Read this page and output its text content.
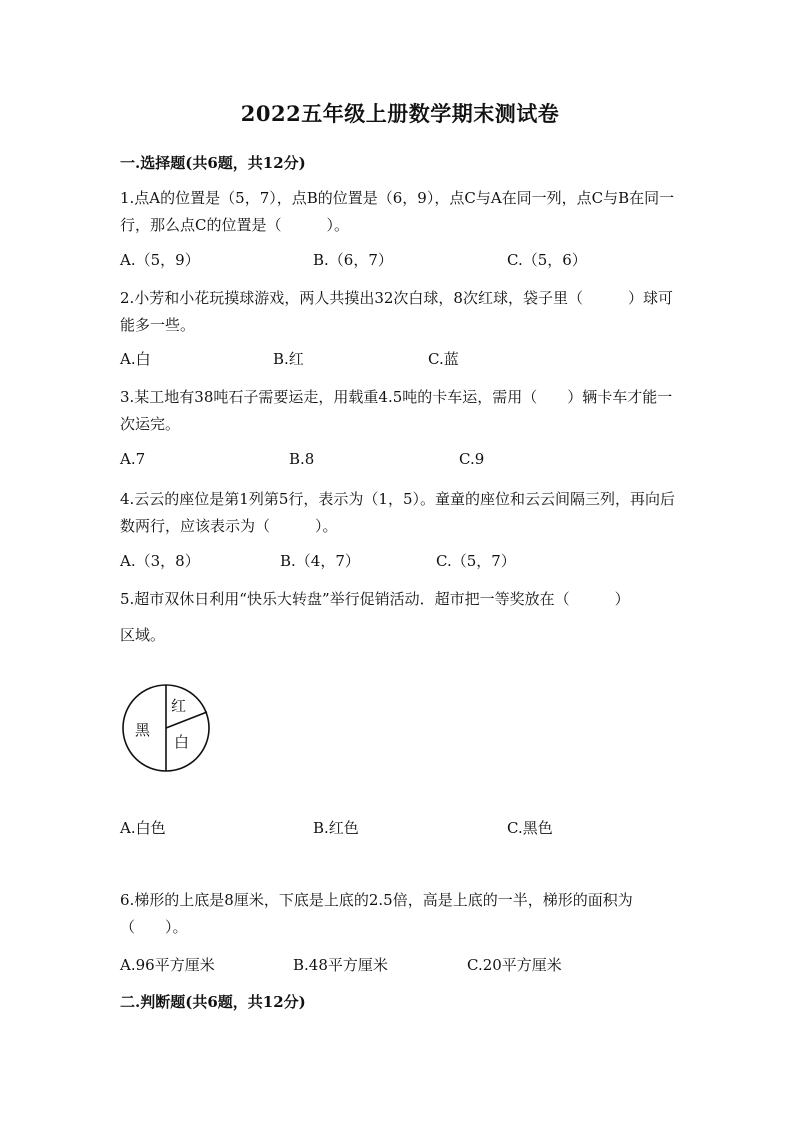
2022五年级上册数学期末测试卷
一.选择题(共6题，共12分)
1.点A的位置是（5，7），点B的位置是（6，9），点C与A在同一列，点C与B在同一行，那么点C的位置是（　　　）。
A.（5，9）	B.（6，7）	C.（5，6）
2.小芳和小花玩摸球游戏，两人共摸出32次白球，8次红球，袋子里（　　　）球可能多一些。
A.白	B.红	C.蓝
3.某工地有38吨石子需要运走，用载重4.5吨的卡车运，需用（　　）辆卡车才能一次运完。
A.7	B.8	C.9
4.云云的座位是第1列第5行，表示为（1，5）。童童的座位和云云间隔三列，再向后数两行，应该表示为（　　　）。
A.（3，8）	B.（4，7）	C.（5，7）
5.超市双休日利用“快乐大转盘”举行促销活动．超市把一等奖放在（　　　）
区域。
黑
红
白
A.白色	B.红色	C.黑色
6.梯形的上底是8厘米，下底是上底的2.5倍，高是上底的一半，梯形的面积为（　　）。
A.96平方厘米	B.48平方厘米	C.20平方厘米
二.判断题(共6题，共12分)
